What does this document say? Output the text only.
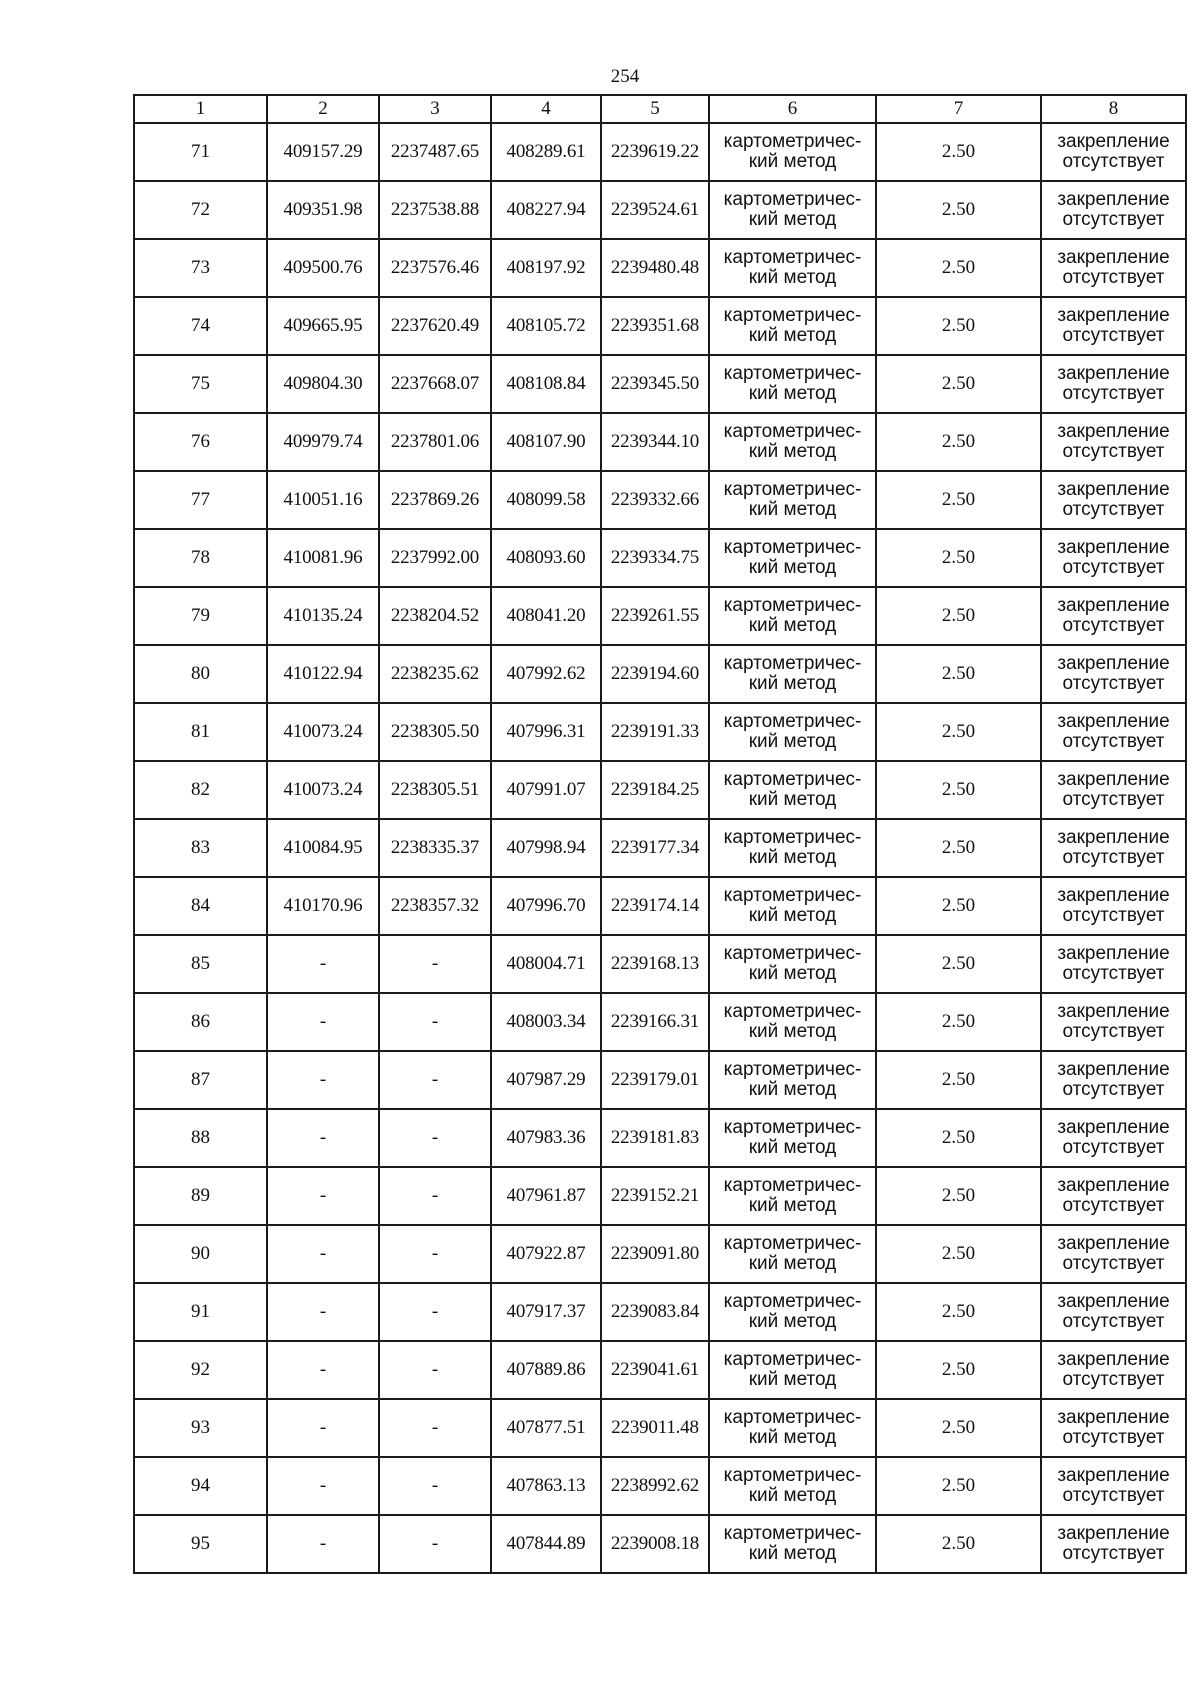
254
1	2	3	4	5	6	7	8
71	409157.29	2237487.65	408289.61	2239619.22	картометричес-
кий метод	2.50	закрепление
отсутствует

72	409351.98	2237538.88	408227.94	2239524.61	картометричес-
кий метод	2.50	закрепление
отсутствует

73	409500.76	2237576.46	408197.92	2239480.48	картометричес-
кий метод	2.50	закрепление
отсутствует

74	409665.95	2237620.49	408105.72	2239351.68	картометричес-
кий метод	2.50	закрепление
отсутствует

75	409804.30	2237668.07	408108.84	2239345.50	картометричес-
кий метод	2.50	закрепление
отсутствует

76	409979.74	2237801.06	408107.90	2239344.10	картометричес-
кий метод	2.50	закрепление
отсутствует

77	410051.16	2237869.26	408099.58	2239332.66	картометричес-
кий метод	2.50	закрепление
отсутствует

78	410081.96	2237992.00	408093.60	2239334.75	картометричес-
кий метод	2.50	закрепление
отсутствует

79	410135.24	2238204.52	408041.20	2239261.55	картометричес-
кий метод	2.50	закрепление
отсутствует

80	410122.94	2238235.62	407992.62	2239194.60	картометричес-
кий метод	2.50	закрепление
отсутствует

81	410073.24	2238305.50	407996.31	2239191.33	картометричес-
кий метод	2.50	закрепление
отсутствует

82	410073.24	2238305.51	407991.07	2239184.25	картометричес-
кий метод	2.50	закрепление
отсутствует

83	410084.95	2238335.37	407998.94	2239177.34	картометричес-
кий метод	2.50	закрепление
отсутствует

84	410170.96	2238357.32	407996.70	2239174.14	картометричес-
кий метод	2.50	закрепление
отсутствует

85	-	-	408004.71	2239168.13	картометричес-
кий метод	2.50	закрепление
отсутствует

86	-	-	408003.34	2239166.31	картометричес-
кий метод	2.50	закрепление
отсутствует

87	-	-	407987.29	2239179.01	картометричес-
кий метод	2.50	закрепление
отсутствует

88	-	-	407983.36	2239181.83	картометричес-
кий метод	2.50	закрепление
отсутствует

89	-	-	407961.87	2239152.21	картометричес-
кий метод	2.50	закрепление
отсутствует

90	-	-	407922.87	2239091.80	картометричес-
кий метод	2.50	закрепление
отсутствует

91	-	-	407917.37	2239083.84	картометричес-
кий метод	2.50	закрепление
отсутствует

92	-	-	407889.86	2239041.61	картометричес-
кий метод	2.50	закрепление
отсутствует

93	-	-	407877.51	2239011.48	картометричес-
кий метод	2.50	закрепление
отсутствует

94	-	-	407863.13	2238992.62	картометричес-
кий метод	2.50	закрепление
отсутствует

95	-	-	407844.89	2239008.18	картометричес-
кий метод	2.50	закрепление
отсутствует
